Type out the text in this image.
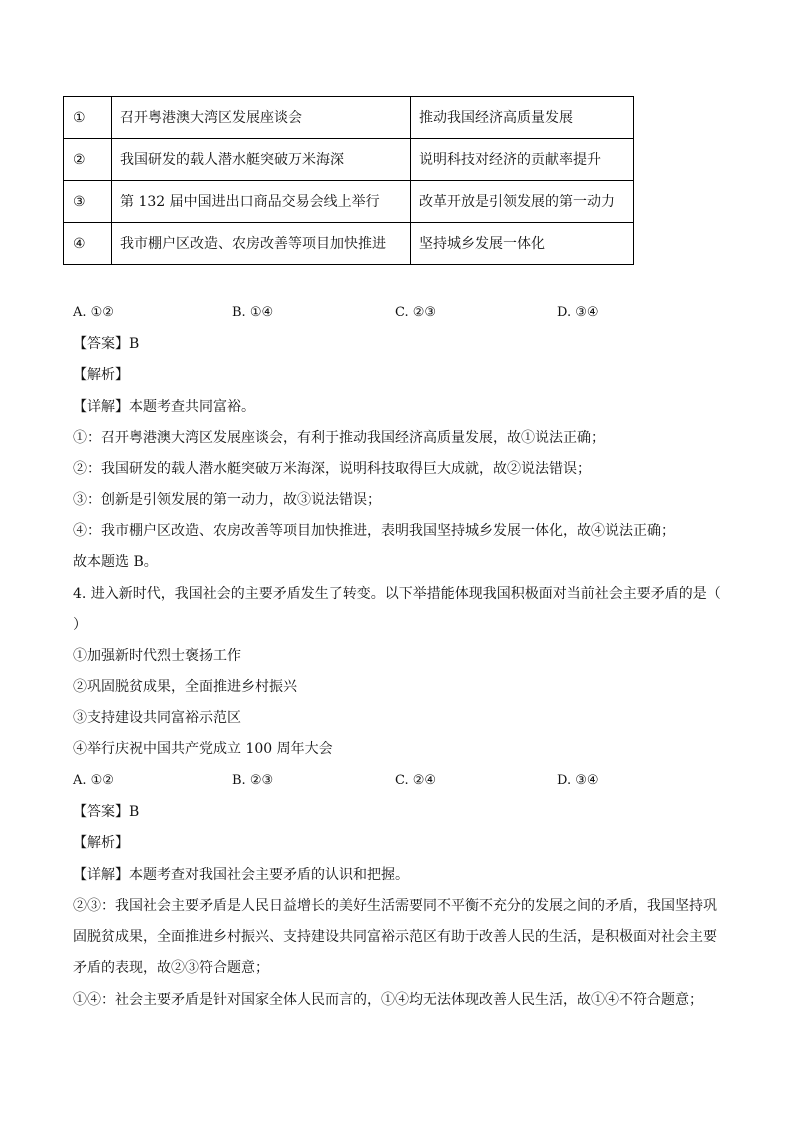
①	召开粤港澳大湾区发展座谈会	推动我国经济高质量发展
②	我国研发的载人潜水艇突破万米海深	说明科技对经济的贡献率提升
③	第 132 届中国进出口商品交易会线上举行	改革开放是引领发展的第一动力
④	我市棚户区改造、农房改善等项目加快推进	坚持城乡发展一体化
A. ①②	B. ①④	C. ②③	D. ③④
【答案】B
【解析】
【详解】本题考查共同富裕。
①：召开粤港澳大湾区发展座谈会，有利于推动我国经济高质量发展，故①说法正确；
②：我国研发的载人潜水艇突破万米海深，说明科技取得巨大成就，故②说法错误；
③：创新是引领发展的第一动力，故③说法错误；
④：我市棚户区改造、农房改善等项目加快推进，表明我国坚持城乡发展一体化，故④说法正确；
故本题选 B。
4. 进入新时代，我国社会的主要矛盾发生了转变。以下举措能体现我国积极面对当前社会主要矛盾的是（
）
①加强新时代烈士褒扬工作
②巩固脱贫成果，全面推进乡村振兴
③支持建设共同富裕示范区
④举行庆祝中国共产党成立 100 周年大会
A. ①②	B. ②③	C. ②④	D. ③④
【答案】B
【解析】
【详解】本题考查对我国社会主要矛盾的认识和把握。
②③：我国社会主要矛盾是人民日益增长的美好生活需要同不平衡不充分的发展之间的矛盾，我国坚持巩
固脱贫成果，全面推进乡村振兴、支持建设共同富裕示范区有助于改善人民的生活，是积极面对社会主要
矛盾的表现，故②③符合题意；
①④：社会主要矛盾是针对国家全体人民而言的，①④均无法体现改善人民生活，故①④不符合题意；
